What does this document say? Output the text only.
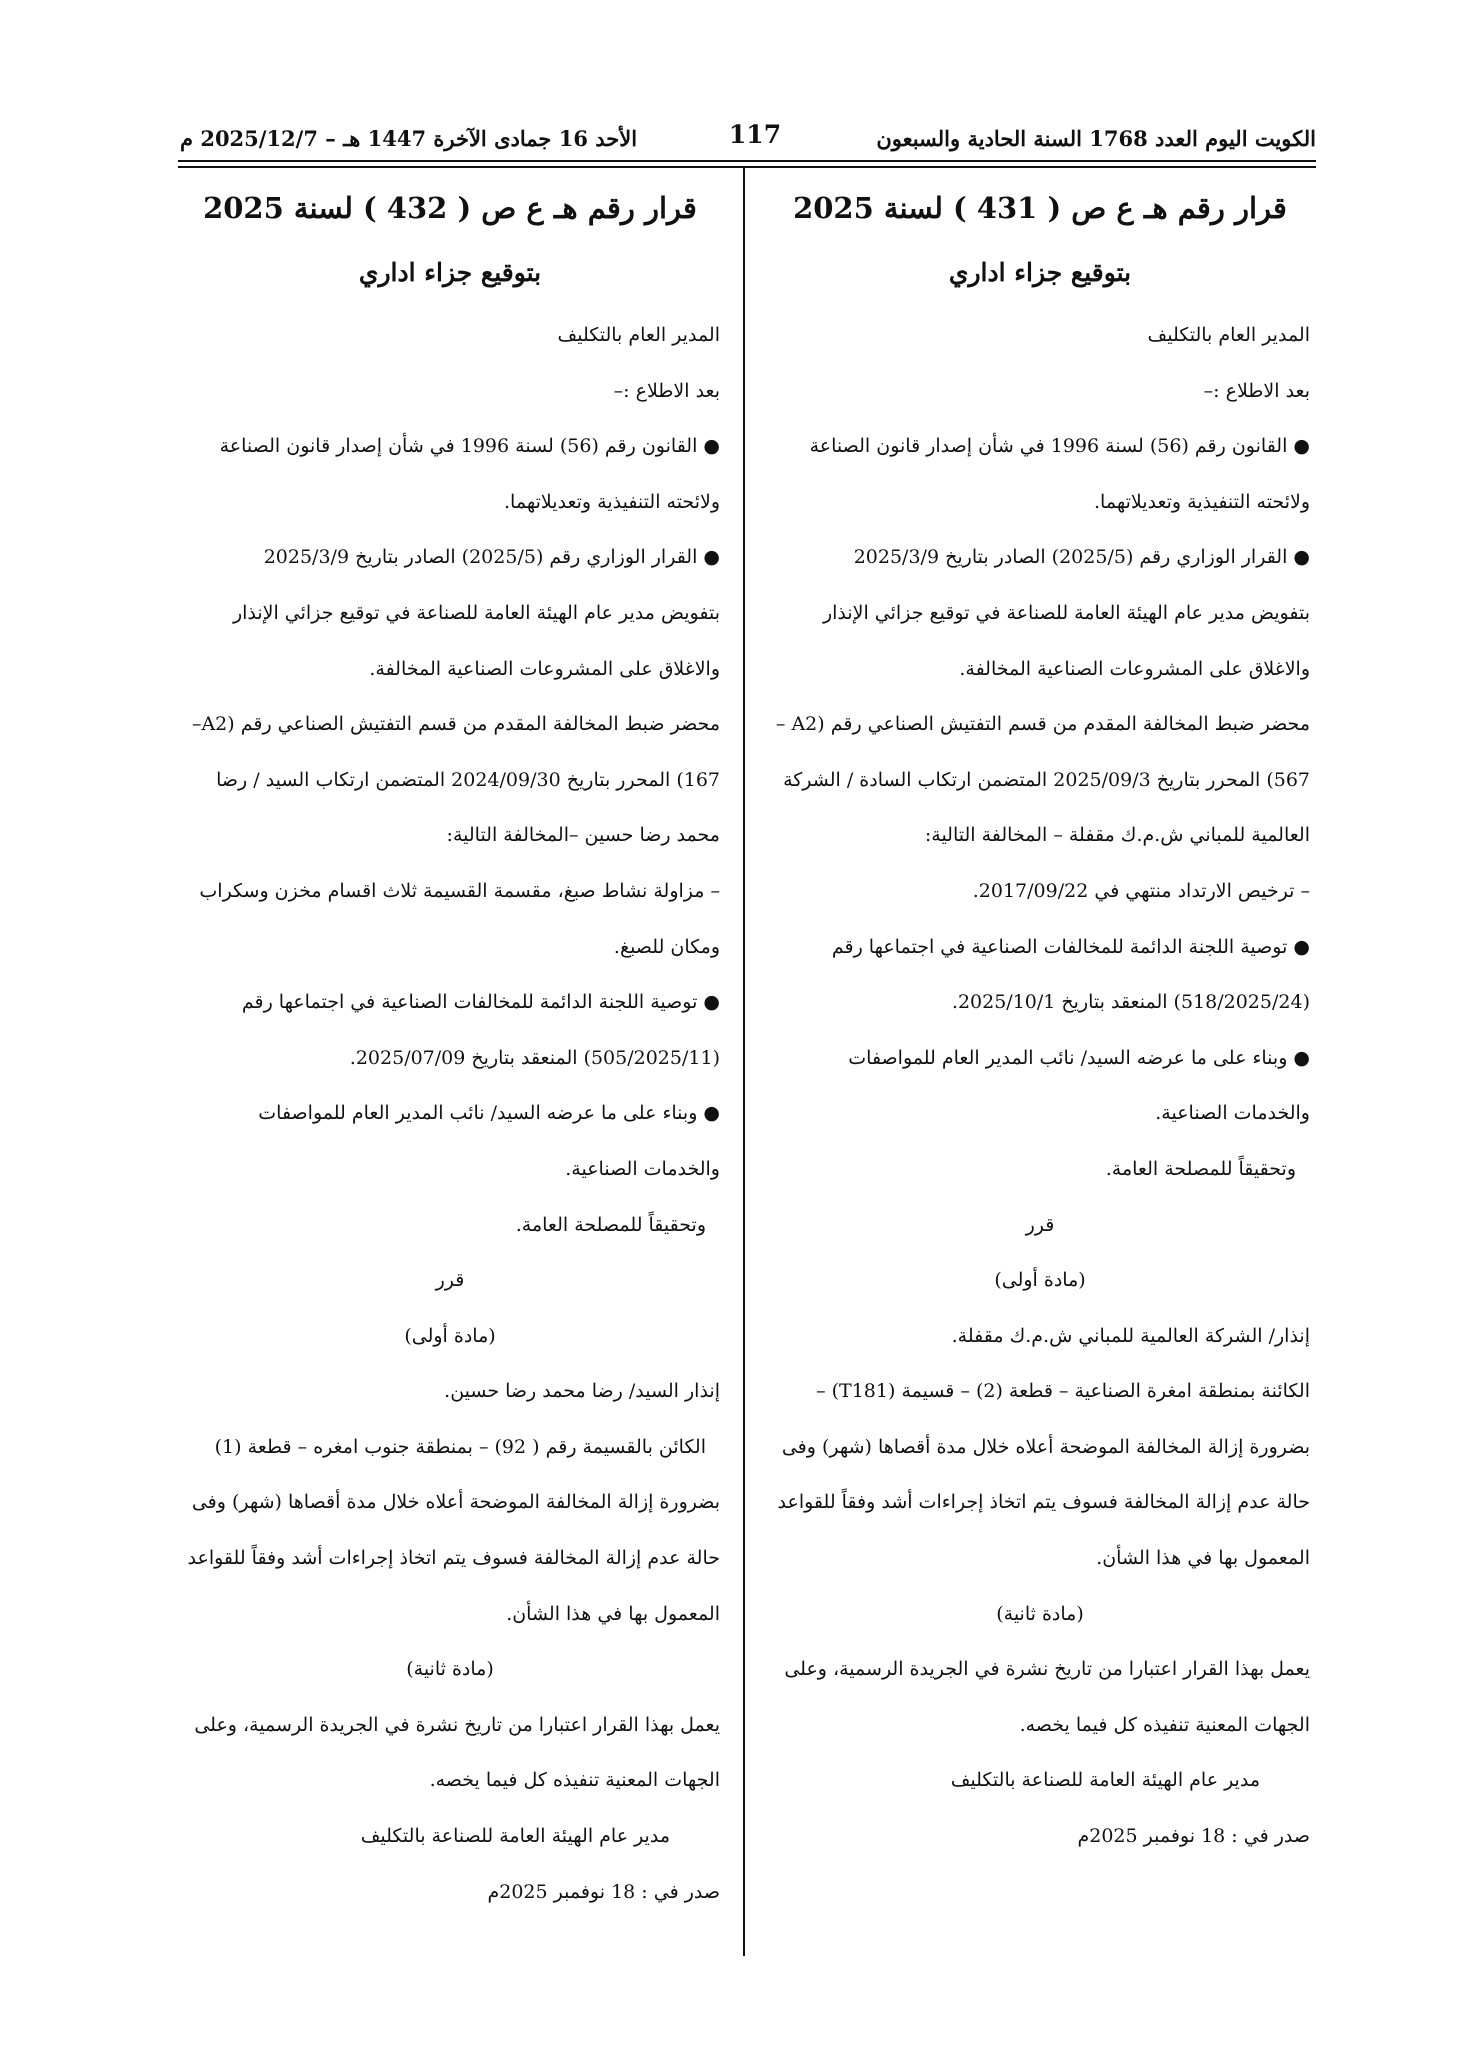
الكويت اليوم العدد 1768 السنة الحادية والسبعون
117
الأحد 16 جمادى الآخرة 1447 هـ – 2025/12/7 م

قرار رقم هـ ع ص ( 431 ) لسنة 2025

بتوقيع جزاء اداري

المدير العام بالتكليف

بعد الاطلاع :–

● القانون رقم (56) لسنة 1996 في شأن إصدار قانون الصناعة

ولائحته التنفيذية وتعديلاتهما.

● القرار الوزاري رقم (2025/5) الصادر بتاريخ 2025/3/9

بتفويض مدير عام الهيئة العامة للصناعة في توقيع جزائي الإنذار

والاغلاق على المشروعات الصناعية المخالفة.

محضر ضبط المخالفة المقدم من قسم التفتيش الصناعي رقم (A2 –

567) المحرر بتاريخ 2025/09/3 المتضمن ارتكاب السادة / الشركة

العالمية للمباني ش.م.ك مقفلة – المخالفة التالية:

– ترخيص الارتداد منتهي في 2017/09/22.

● توصية اللجنة الدائمة للمخالفات الصناعية في اجتماعها رقم

(518/2025/24) المنعقد بتاريخ 2025/10/1.

● وبناء على ما عرضه السيد/ نائب المدير العام للمواصفات

والخدمات الصناعية.

وتحقيقاً للمصلحة العامة.

قرر

(مادة أولى)

إنذار/ الشركة العالمية للمباني ش.م.ك مقفلة.

الكائنة بمنطقة امغرة الصناعية – قطعة (2) – قسيمة (T181) –

بضرورة إزالة المخالفة الموضحة أعلاه خلال مدة أقصاها (شهر) وفى

حالة عدم إزالة المخالفة فسوف يتم اتخاذ إجراءات أشد وفقاً للقواعد

المعمول بها في هذا الشأن.

(مادة ثانية)

يعمل بهذا القرار اعتبارا من تاريخ نشرة في الجريدة الرسمية، وعلى

الجهات المعنية تنفيذه كل فيما يخصه.

مدير عام الهيئة العامة للصناعة بالتكليف

صدر في : 18 نوفمبر 2025م

قرار رقم هـ ع ص ( 432 ) لسنة 2025

بتوقيع جزاء اداري

المدير العام بالتكليف

بعد الاطلاع :–

● القانون رقم (56) لسنة 1996 في شأن إصدار قانون الصناعة

ولائحته التنفيذية وتعديلاتهما.

● القرار الوزاري رقم (2025/5) الصادر بتاريخ 2025/3/9

بتفويض مدير عام الهيئة العامة للصناعة في توقيع جزائي الإنذار

والاغلاق على المشروعات الصناعية المخالفة.

محضر ضبط المخالفة المقدم من قسم التفتيش الصناعي رقم (A2–

167) المحرر بتاريخ 2024/09/30 المتضمن ارتكاب السيد / رضا

محمد رضا حسين –المخالفة التالية:

– مزاولة نشاط صبغ، مقسمة القسيمة ثلاث اقسام مخزن وسكراب

ومكان للصبغ.

● توصية اللجنة الدائمة للمخالفات الصناعية في اجتماعها رقم

(505/2025/11) المنعقد بتاريخ 2025/07/09.

● وبناء على ما عرضه السيد/ نائب المدير العام للمواصفات

والخدمات الصناعية.

وتحقيقاً للمصلحة العامة.

قرر

(مادة أولى)

إنذار السيد/ رضا محمد رضا حسين.

الكائن بالقسيمة رقم ( 92) – بمنطقة جنوب امغره – قطعة (1)

بضرورة إزالة المخالفة الموضحة أعلاه خلال مدة أقصاها (شهر) وفى

حالة عدم إزالة المخالفة فسوف يتم اتخاذ إجراءات أشد وفقاً للقواعد

المعمول بها في هذا الشأن.

(مادة ثانية)

يعمل بهذا القرار اعتبارا من تاريخ نشرة في الجريدة الرسمية، وعلى

الجهات المعنية تنفيذه كل فيما يخصه.

مدير عام الهيئة العامة للصناعة بالتكليف

صدر في : 18 نوفمبر 2025م
